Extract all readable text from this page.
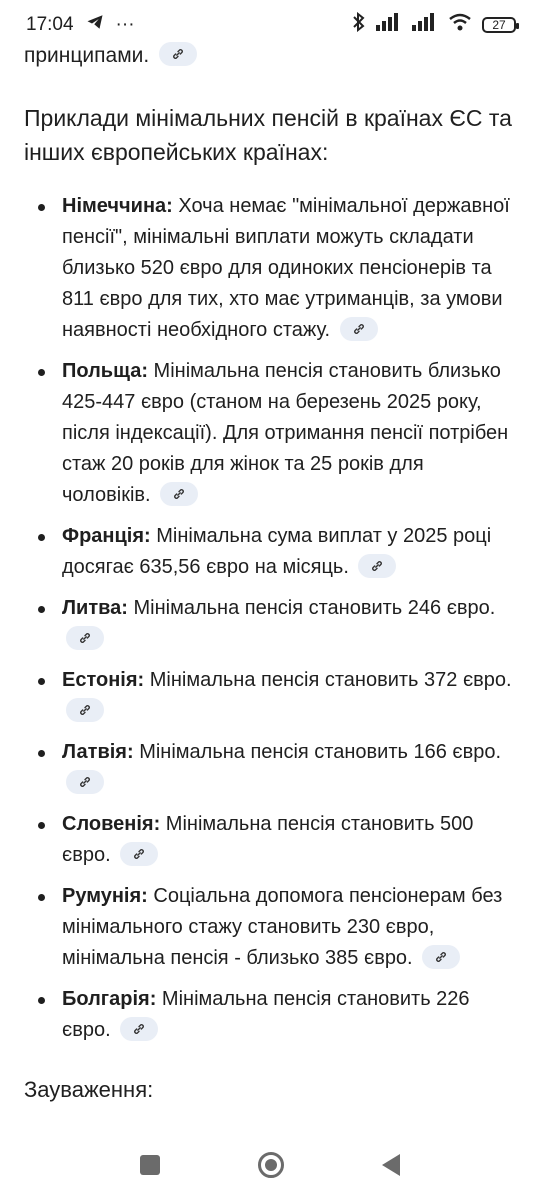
17:04 ···	27

принципами.

Приклади мінімальних пенсій в країнах ЄС та інших європейських країнах:
Німеччина: Хоча немає "мінімальної державної пенсії", мінімальні виплати можуть складати близько 520 євро для одиноких пенсіонерів та 811 євро для тих, хто має утриманців, за умови наявності необхідного стажу.
Польща: Мінімальна пенсія становить близько 425-447 євро (станом на березень 2025 року, після індексації). Для отримання пенсії потрібен стаж 20 років для жінок та 25 років для чоловіків.
Франція: Мінімальна сума виплат у 2025 році досягає 635,56 євро на місяць.
Литва: Мінімальна пенсія становить 246 євро.
Естонія: Мінімальна пенсія становить 372 євро.
Латвія: Мінімальна пенсія становить 166 євро.
Словенія: Мінімальна пенсія становить 500 євро.
Румунія: Соціальна допомога пенсіонерам без мінімального стажу становить 230 євро, мінімальна пенсія - близько 385 євро.
Болгарія: Мінімальна пенсія становить 226 євро.
Зауваження:
